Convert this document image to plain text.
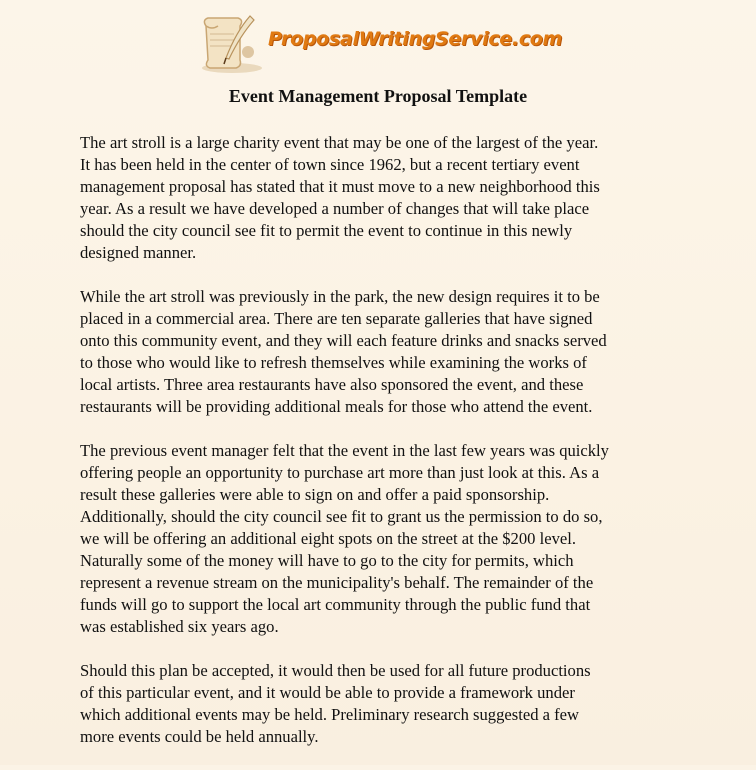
ProposalWritingService.com
Event Management Proposal Template
The art stroll is a large charity event that may be one of the largest of the year.
It has been held in the center of town since 1962, but a recent tertiary event
management proposal has stated that it must move to a new neighborhood this
year. As a result we have developed a number of changes that will take place
should the city council see fit to permit the event to continue in this newly
designed manner.
While the art stroll was previously in the park, the new design requires it to be
placed in a commercial area. There are ten separate galleries that have signed
onto this community event, and they will each feature drinks and snacks served
to those who would like to refresh themselves while examining the works of
local artists. Three area restaurants have also sponsored the event, and these
restaurants will be providing additional meals for those who attend the event.
The previous event manager felt that the event in the last few years was quickly
offering people an opportunity to purchase art more than just look at this. As a
result these galleries were able to sign on and offer a paid sponsorship.
Additionally, should the city council see fit to grant us the permission to do so,
we will be offering an additional eight spots on the street at the $200 level.
Naturally some of the money will have to go to the city for permits, which
represent a revenue stream on the municipality's behalf. The remainder of the
funds will go to support the local art community through the public fund that
was established six years ago.
Should this plan be accepted, it would then be used for all future productions
of this particular event, and it would be able to provide a framework under
which additional events may be held. Preliminary research suggested a few
more events could be held annually.
